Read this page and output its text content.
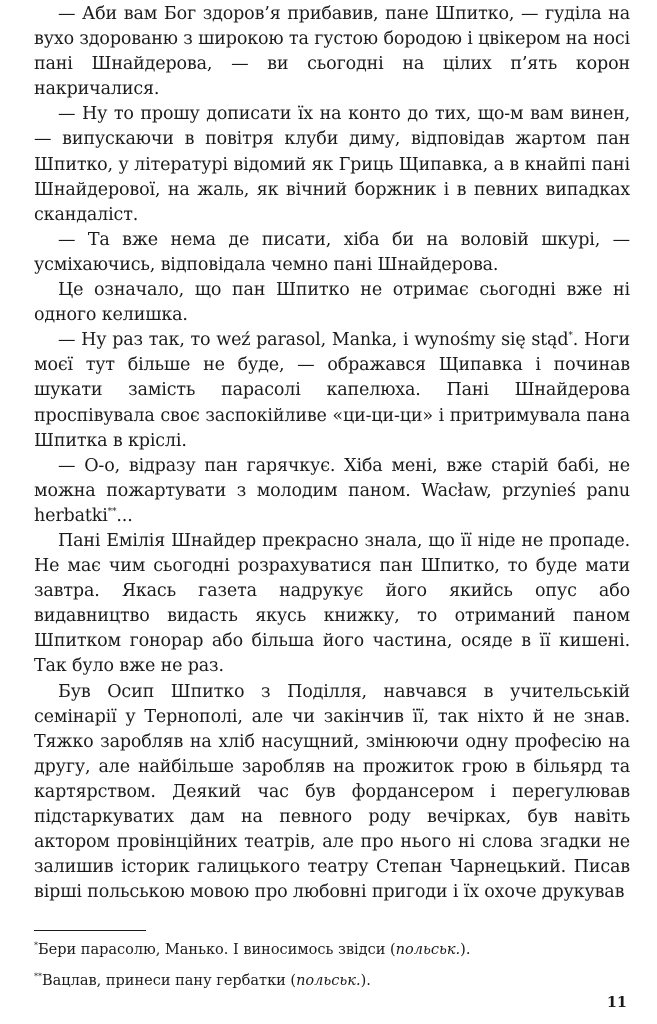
— Аби вам Бог здоров’я прибавив, пане Шпитко, — гуділа на вухо здорованю з широкою та густою бородою і цвікером на носі пані Шнайдерова, — ви сьогодні на цілих п’ять корон накричалися.

— Ну то прошу дописати їх на конто до тих, що-м вам винен, — випускаючи в повітря клуби диму, відповідав жартом пан Шпитко, у літературі відомий як Гриць Щипавка, а в кнайпі пані Шнайдерової, на жаль, як вічний боржник і в певних випадках скандаліст.

— Та вже нема де писати, хіба би на воловій шкурі, — усміхаючись, відповідала чемно пані Шнайдерова.

Це означало, що пан Шпитко не отримає сьогодні вже ні одного келишка.

— Ну раз так, то weź parasol, Manka, i wynośmy się stąd*. Ноги моєї тут більше не буде, — ображався Щипавка і починав шукати замість парасолі капелюха. Пані Шнайдерова проспівувала своє заспокійливе «ци-ци-ци» і притримувала пана Шпитка в кріслі.

— О-о, відразу пан гарячкує. Хіба мені, вже старій бабі, не можна пожартувати з молодим паном. Wacław, przynieś panu herbatki**...

Пані Емілія Шнайдер прекрасно знала, що її ніде не пропаде. Не має чим сьогодні розрахуватися пан Шпитко, то буде мати завтра. Якась газета надрукує його якийсь опус або видавництво видасть якусь книжку, то отриманий паном Шпитком гонорар або більша його частина, осяде в її кишені. Так було вже не раз.

Був Осип Шпитко з Поділля, навчався в учительській семінарії у Тернополі, але чи закінчив її, так ніхто й не знав. Тяжко заробляв на хліб насущний, змінюючи одну професію на другу, але найбільше заробляв на прожиток грою в більярд та картярством. Деякий час був фордансером і перегулював підстаркуватих дам на певного роду вечірках, був навіть актором провінційних театрів, але про нього ні слова згадки не залишив історик галицького театру Степан Чарнецький. Писав вірші польською мовою про любовні пригоди і їх охоче друкував

*Бери парасолю, Манько. І виносимось звідси (польськ.).

**Вацлав, принеси пану гербатки (польськ.).

11
